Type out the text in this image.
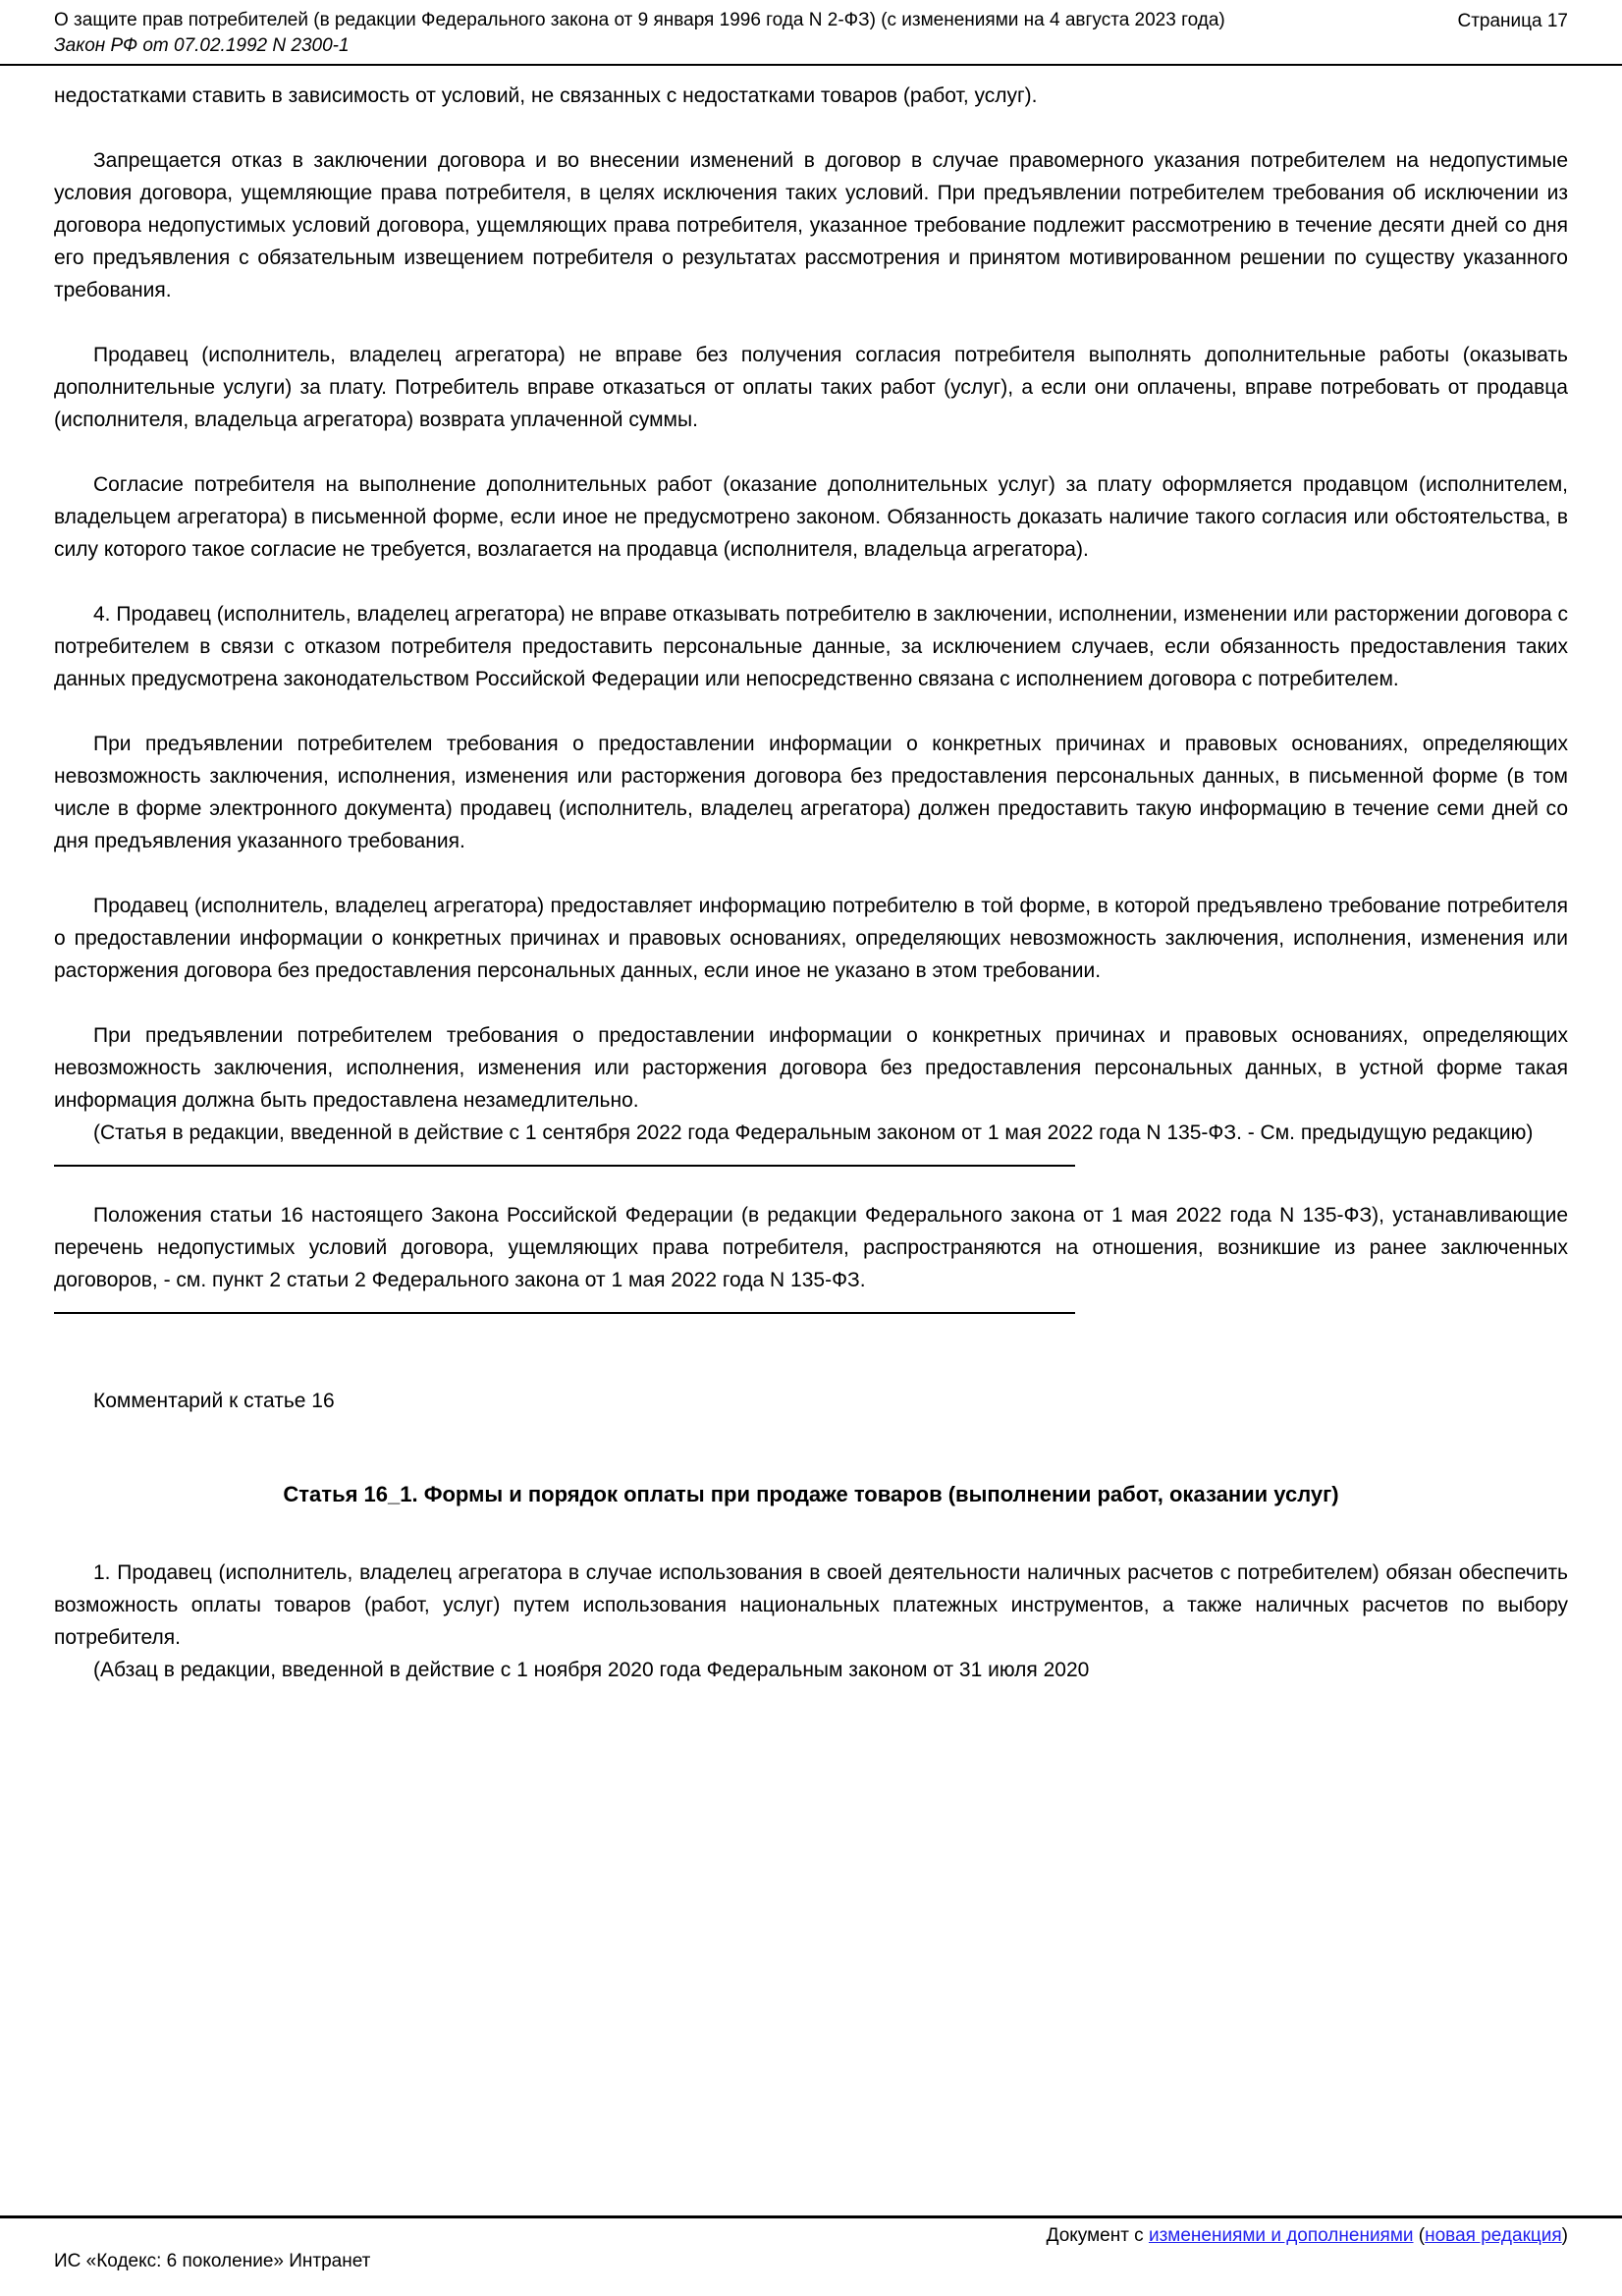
О защите прав потребителей (в редакции Федерального закона от 9 января 1996 года N 2-ФЗ) (с изменениями на 4 августа 2023 года)	Страница 17
Закон РФ от 07.02.1992 N 2300-1

недостатками ставить в зависимость от условий, не связанных с недостатками товаров (работ, услуг).

Запрещается отказ в заключении договора и во внесении изменений в договор в случае правомерного указания потребителем на недопустимые условия договора, ущемляющие права потребителя, в целях исключения таких условий. При предъявлении потребителем требования об исключении из договора недопустимых условий договора, ущемляющих права потребителя, указанное требование подлежит рассмотрению в течение десяти дней со дня его предъявления с обязательным извещением потребителя о результатах рассмотрения и принятом мотивированном решении по существу указанного требования.

Продавец (исполнитель, владелец агрегатора) не вправе без получения согласия потребителя выполнять дополнительные работы (оказывать дополнительные услуги) за плату. Потребитель вправе отказаться от оплаты таких работ (услуг), а если они оплачены, вправе потребовать от продавца (исполнителя, владельца агрегатора) возврата уплаченной суммы.

Согласие потребителя на выполнение дополнительных работ (оказание дополнительных услуг) за плату оформляется продавцом (исполнителем, владельцем агрегатора) в письменной форме, если иное не предусмотрено законом. Обязанность доказать наличие такого согласия или обстоятельства, в силу которого такое согласие не требуется, возлагается на продавца (исполнителя, владельца агрегатора).

4. Продавец (исполнитель, владелец агрегатора) не вправе отказывать потребителю в заключении, исполнении, изменении или расторжении договора с потребителем в связи с отказом потребителя предоставить персональные данные, за исключением случаев, если обязанность предоставления таких данных предусмотрена законодательством Российской Федерации или непосредственно связана с исполнением договора с потребителем.

При предъявлении потребителем требования о предоставлении информации о конкретных причинах и правовых основаниях, определяющих невозможность заключения, исполнения, изменения или расторжения договора без предоставления персональных данных, в письменной форме (в том числе в форме электронного документа) продавец (исполнитель, владелец агрегатора) должен предоставить такую информацию в течение семи дней со дня предъявления указанного требования.

Продавец (исполнитель, владелец агрегатора) предоставляет информацию потребителю в той форме, в которой предъявлено требование потребителя о предоставлении информации о конкретных причинах и правовых основаниях, определяющих невозможность заключения, исполнения, изменения или расторжения договора без предоставления персональных данных, если иное не указано в этом требовании.

При предъявлении потребителем требования о предоставлении информации о конкретных причинах и правовых основаниях, определяющих невозможность заключения, исполнения, изменения или расторжения договора без предоставления персональных данных, в устной форме такая информация должна быть предоставлена незамедлительно.

(Статья в редакции, введенной в действие с 1 сентября 2022 года Федеральным законом от 1 мая 2022 года N 135-ФЗ. - См. предыдущую редакцию)

Положения статьи 16 настоящего Закона Российской Федерации (в редакции Федерального закона от 1 мая 2022 года N 135-ФЗ), устанавливающие перечень недопустимых условий договора, ущемляющих права потребителя, распространяются на отношения, возникшие из ранее заключенных договоров, - см. пункт 2 статьи 2 Федерального закона от 1 мая 2022 года N 135-ФЗ.

Комментарий к статье 16

Статья 16_1. Формы и порядок оплаты при продаже товаров (выполнении работ, оказании услуг)

1. Продавец (исполнитель, владелец агрегатора в случае использования в своей деятельности наличных расчетов с потребителем) обязан обеспечить возможность оплаты товаров (работ, услуг) путем использования национальных платежных инструментов, а также наличных расчетов по выбору потребителя.

(Абзац в редакции, введенной в действие с 1 ноября 2020 года Федеральным законом от 31 июля 2020

Документ с изменениями и дополнениями (новая редакция)
ИС «Кодекс: 6 поколение» Интранет
